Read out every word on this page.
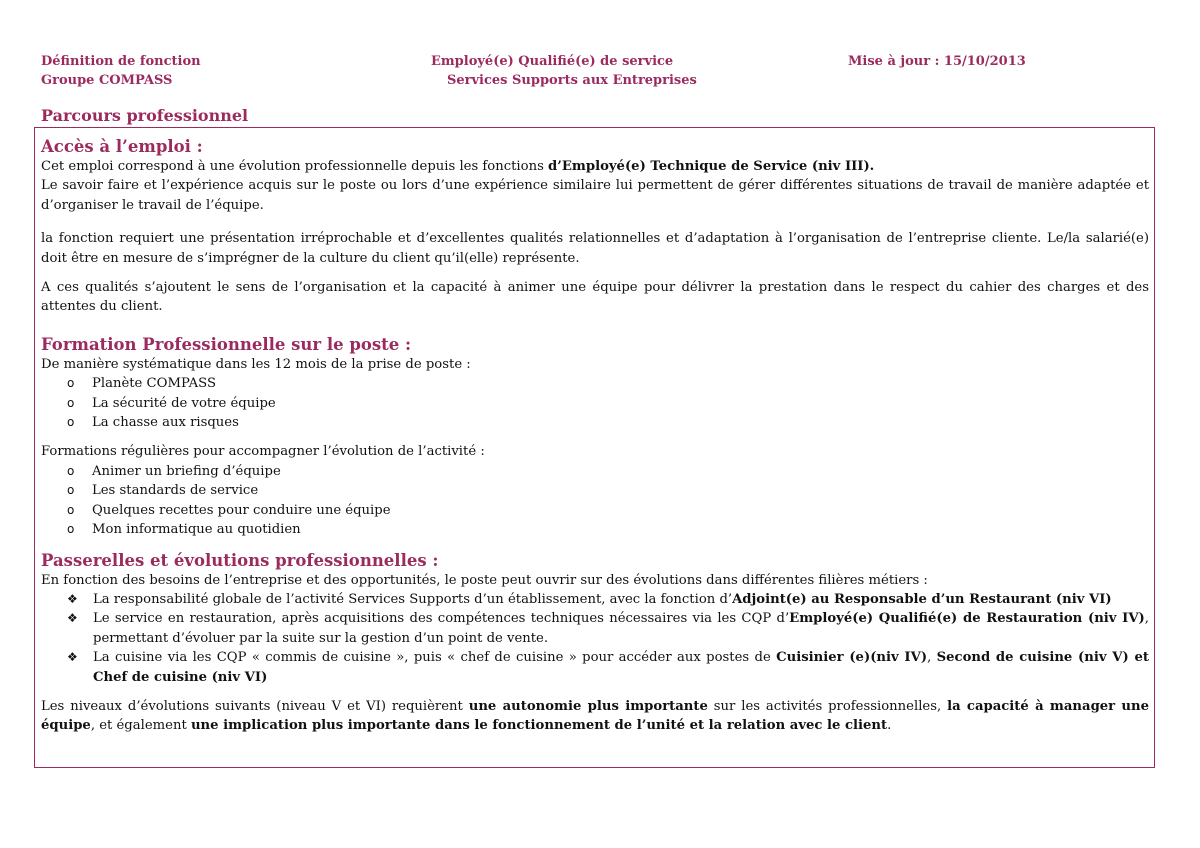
Définition de fonction
Groupe COMPASS
Employé(e) Qualifié(e) de service
Services Supports aux Entreprises
Mise à jour : 15/10/2013
Parcours professionnel
Accès à l’emploi :

Cet emploi correspond à une évolution professionnelle depuis les fonctions d’Employé(e) Technique de Service (niv III).

Le savoir faire et l’expérience acquis sur le poste ou lors d’une expérience similaire lui permettent de gérer différentes situations de travail de manière adaptée et d’organiser le travail de l’équipe.

la fonction requiert une présentation irréprochable et d’excellentes qualités relationnelles et d’adaptation à l’organisation de l’entreprise cliente. Le/la salarié(e) doit être en mesure de s’imprégner de la culture du client qu’il(elle) représente.

A ces qualités s’ajoutent le sens de l’organisation et la capacité à animer une équipe pour délivrer la prestation dans le respect du cahier des charges et des attentes du client.

Formation Professionnelle sur le poste :

De manière systématique dans les 12 mois de la prise de poste :

o Planète COMPASS
o La sécurité de votre équipe
o La chasse aux risques

Formations régulières pour accompagner l’évolution de l’activité :

o Animer un briefing d’équipe
o Les standards de service
o Quelques recettes pour conduire une équipe
o Mon informatique au quotidien
Passerelles et évolutions professionnelles :

En fonction des besoins de l’entreprise et des opportunités, le poste peut ouvrir sur des évolutions dans différentes filières métiers :

❖ La responsabilité globale de l’activité Services Supports d’un établissement, avec la fonction d’Adjoint(e) au Responsable d’un Restaurant (niv VI)
❖ Le service en restauration, après acquisitions des compétences techniques nécessaires via les CQP d’Employé(e) Qualifié(e) de Restauration (niv IV), permettant d’évoluer par la suite sur la gestion d’un point de vente.
❖ La cuisine via les CQP « commis de cuisine », puis « chef de cuisine » pour accéder aux postes de Cuisinier (e)(niv IV), Second de cuisine (niv V) et Chef de cuisine (niv VI)

Les niveaux d’évolutions suivants (niveau V et VI) requièrent une autonomie plus importante sur les activités professionnelles, la capacité à manager une équipe, et également une implication plus importante dans le fonctionnement de l’unité et la relation avec le client.
